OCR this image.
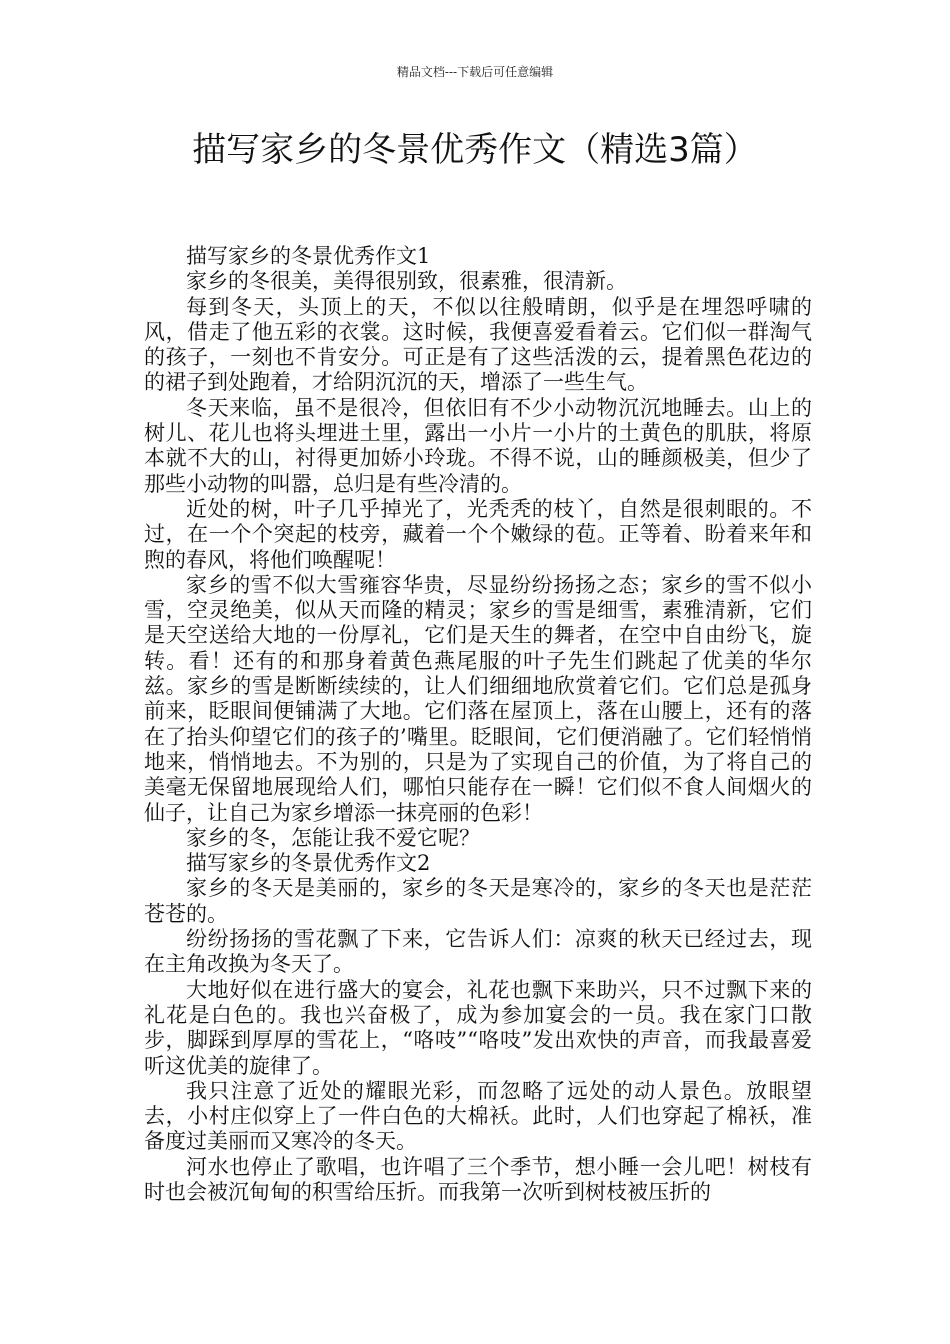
精品文档---下载后可任意编辑
描写家乡的冬景优秀作文（精选3篇）

描写家乡的冬景优秀作文1

家乡的冬很美，美得很别致，很素雅，很清新。

每到冬天，头顶上的天，不似以往般晴朗，似乎是在埋怨呼啸的风，借走了他五彩的衣裳。这时候，我便喜爱看着云。它们似一群淘气的孩子，一刻也不肯安分。可正是有了这些活泼的云，提着黑色花边的的裙子到处跑着，才给阴沉沉的天，增添了一些生气。

冬天来临，虽不是很冷，但依旧有不少小动物沉沉地睡去。山上的树儿、花儿也将头埋进土里，露出一小片一小片的土黄色的肌肤，将原本就不大的山，衬得更加娇小玲珑。不得不说，山的睡颜极美，但少了那些小动物的叫嚣，总归是有些冷清的。

近处的树，叶子几乎掉光了，光秃秃的枝丫，自然是很刺眼的。不过，在一个个突起的枝旁，藏着一个个嫩绿的苞。正等着、盼着来年和煦的春风，将他们唤醒呢！

家乡的雪不似大雪雍容华贵，尽显纷纷扬扬之态；家乡的雪不似小雪，空灵绝美，似从天而隆的精灵；家乡的雪是细雪，素雅清新，它们是天空送给大地的一份厚礼，它们是天生的舞者，在空中自由纷飞，旋转。看！还有的和那身着黄色燕尾服的叶子先生们跳起了优美的华尔兹。家乡的雪是断断续续的，让人们细细地欣赏着它们。它们总是孤身前来，眨眼间便铺满了大地。它们落在屋顶上，落在山腰上，还有的落在了抬头仰望它们的孩子的’嘴里。眨眼间，它们便消融了。它们轻悄悄地来，悄悄地去。不为别的，只是为了实现自己的价值，为了将自己的美毫无保留地展现给人们，哪怕只能存在一瞬！它们似不食人间烟火的仙子，让自己为家乡增添一抹亮丽的色彩！

家乡的冬，怎能让我不爱它呢？

描写家乡的冬景优秀作文2

家乡的冬天是美丽的，家乡的冬天是寒冷的，家乡的冬天也是茫茫苍苍的。

纷纷扬扬的雪花飘了下来，它告诉人们：凉爽的秋天已经过去，现在主角改换为冬天了。

大地好似在进行盛大的宴会，礼花也飘下来助兴，只不过飘下来的礼花是白色的。我也兴奋极了，成为参加宴会的一员。我在家门口散步，脚踩到厚厚的雪花上，“咯吱”“咯吱”发出欢快的声音，而我最喜爱听这优美的旋律了。

我只注意了近处的耀眼光彩，而忽略了远处的动人景色。放眼望去，小村庄似穿上了一件白色的大棉袄。此时，人们也穿起了棉袄，准备度过美丽而又寒冷的冬天。

河水也停止了歌唱，也许唱了三个季节，想小睡一会儿吧！树枝有时也会被沉甸甸的积雪给压折。而我第一次听到树枝被压折的
